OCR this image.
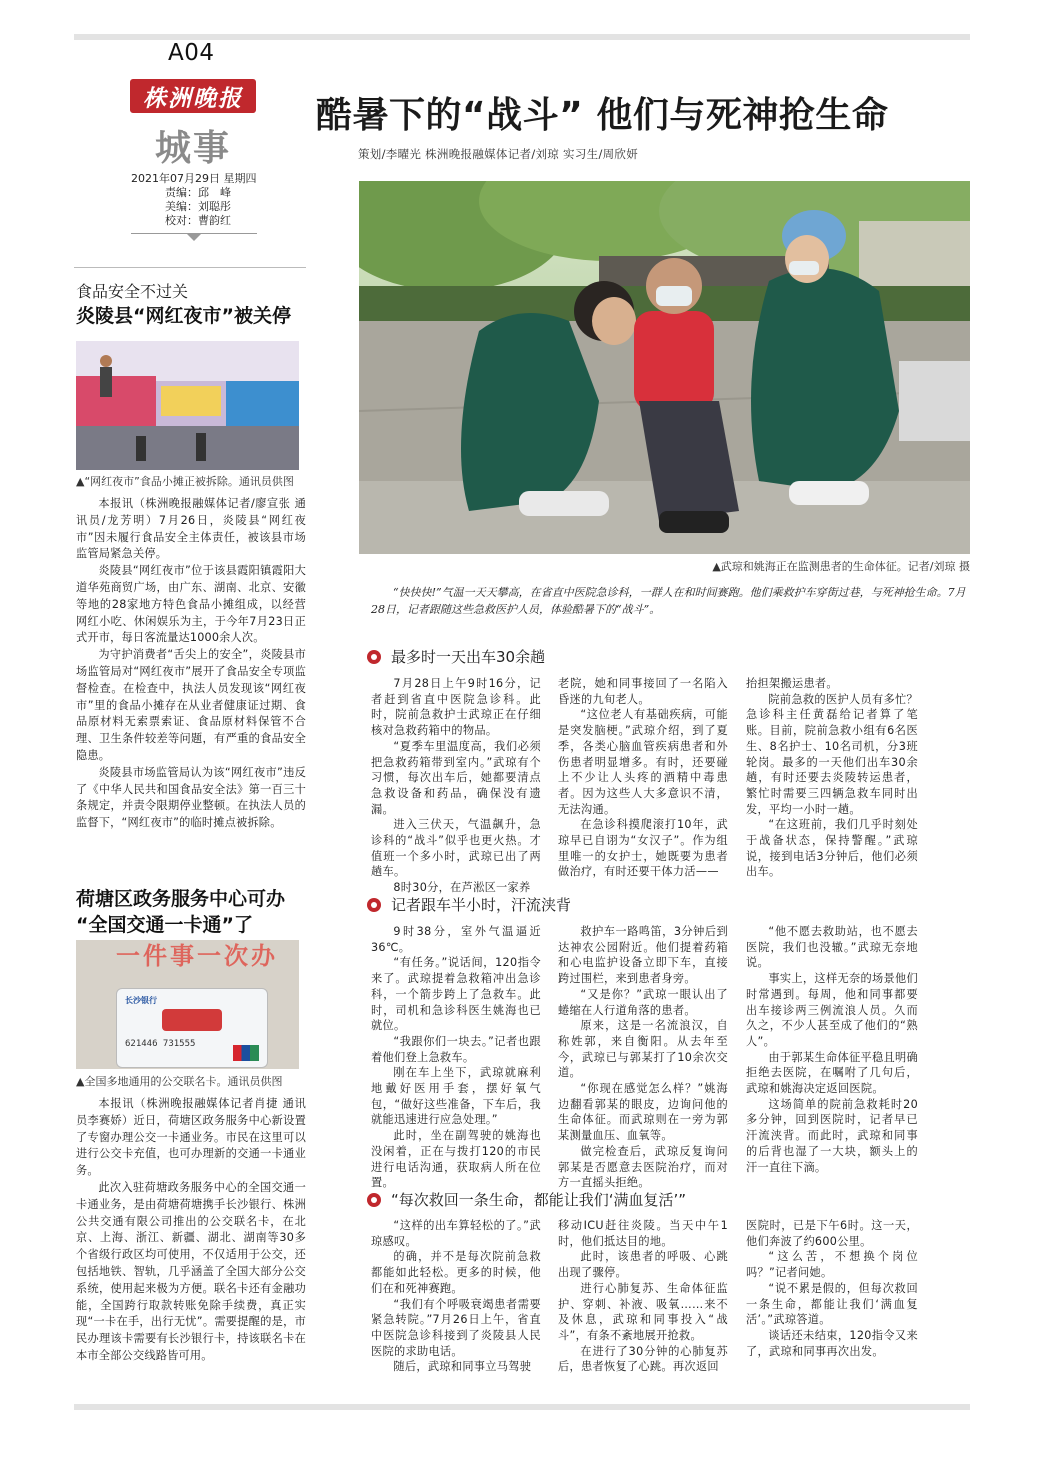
A04
株洲晚报
城事
2021年07月29日 星期四
责编：邱　峰
美编：刘聪彤
校对：曹韵红
酷暑下的“战斗” 他们与死神抢生命
策划/李曜光 株洲晚报融媒体记者/刘琼 实习生/周欣妍
▲武琼和姚海正在监测患者的生命体征。记者/刘琼 摄
“快快快!”气温一天天攀高，在省直中医院急诊科，一群人在和时间赛跑。他们乘救护车穿街过巷，与死神抢生命。7月28日，记者跟随这些急救医护人员，体验酷暑下的“战斗”。
最多时一天出车30余趟

7月28日上午9时16分，记者赶到省直中医院急诊科。此时，院前急救护士武琼正在仔细核对急救药箱中的物品。

“夏季车里温度高，我们必须把急救药箱带到室内。”武琼有个习惯，每次出车后，她都要清点急救设备和药品，确保没有遗漏。

进入三伏天，气温飙升，急诊科的“战斗”似乎也更火热。才值班一个多小时，武琼已出了两趟车。

8时30分，在芦淞区一家养

老院，她和同事接回了一名陷入昏迷的九旬老人。

“这位老人有基础疾病，可能是突发脑梗。”武琼介绍，到了夏季，各类心脑血管疾病患者和外伤患者明显增多。有时，还要碰上不少让人头疼的酒精中毒患者。因为这些人大多意识不清，无法沟通。

在急诊科摸爬滚打10年，武琼早已自诩为“女汉子”。作为组里唯一的女护士，她既要为患者做治疗，有时还要干体力活——

抬担架搬运患者。

院前急救的医护人员有多忙？急诊科主任黄磊给记者算了笔账。目前，院前急救小组有6名医生、8名护士、10名司机，分3班轮岗。最多的一天他们出车30余趟，有时还要去炎陵转运患者，繁忙时需要三四辆急救车同时出发，平均一小时一趟。

“在这班前，我们几乎时刻处于战备状态，保持警醒。”武琼说，接到电话3分钟后，他们必须出车。

记者跟车半小时，汗流浃背

9时38分，室外气温逼近36℃。

“有任务。”说话间，120指令来了。武琼提着急救箱冲出急诊科，一个箭步跨上了急救车。此时，司机和急诊科医生姚海也已就位。

“我跟你们一块去。”记者也跟着他们登上急救车。

刚在车上坐下，武琼就麻利地戴好医用手套，摆好氧气包，“做好这些准备，下车后，我就能迅速进行应急处理。”

此时，坐在副驾驶的姚海也没闲着，正在与拨打120的市民进行电话沟通，获取病人所在位置。

救护车一路鸣笛，3分钟后到达神农公园附近。他们提着药箱和心电监护设备立即下车，直接跨过围栏，来到患者身旁。

“又是你？”武琼一眼认出了蜷缩在人行道角落的患者。

原来，这是一名流浪汉，自称姓郭，来自衡阳。从去年至今，武琼已与郭某打了10余次交道。

“你现在感觉怎么样？”姚海边翻看郭某的眼皮，边询问他的生命体征。而武琼则在一旁为郭某测量血压、血氧等。

做完检查后，武琼反复询问郭某是否愿意去医院治疗，而对方一直摇头拒绝。

“他不愿去救助站，也不愿去医院，我们也没辙。”武琼无奈地说。

事实上，这样无奈的场景他们时常遇到。每周，他和同事都要出车接诊两三例流浪人员。久而久之，不少人甚至成了他们的“熟人”。

由于郭某生命体征平稳且明确拒绝去医院，在嘱咐了几句后，武琼和姚海决定返回医院。

这场简单的院前急救耗时20多分钟，回到医院时，记者早已汗流浃背。而此时，武琼和同事的后背也湿了一大块，额头上的汗一直往下滴。

“每次救回一条生命，都能让我们‘满血复活’”

“这样的出车算轻松的了。”武琼感叹。

的确，并不是每次院前急救都能如此轻松。更多的时候，他们在和死神赛跑。

“我们有个呼吸衰竭患者需要紧急转院。”7月26日上午，省直中医院急诊科接到了炎陵县人民医院的求助电话。

随后，武琼和同事立马驾驶

移动ICU赶往炎陵。当天中午1时，他们抵达目的地。

此时，该患者的呼吸、心跳出现了骤停。

进行心肺复苏、生命体征监护、穿刺、补液、吸氧……来不及休息，武琼和同事投入“战斗”，有条不紊地展开抢救。

在进行了30分钟的心肺复苏后，患者恢复了心跳。再次返回

医院时，已是下午6时。这一天，他们奔波了约600公里。

“这么苦，不想换个岗位吗？”记者问她。

“说不累是假的，但每次救回一条生命，都能让我们‘满血复活’。”武琼答道。

谈话还未结束，120指令又来了，武琼和同事再次出发。

食品安全不过关
炎陵县“网红夜市”被关停
▲“网红夜市”食品小摊正被拆除。通讯员供图

本报讯（株洲晚报融媒体记者/廖宣张 通讯员/龙芳明）7月26日，炎陵县“网红夜市”因未履行食品安全主体责任，被该县市场监管局紧急关停。

炎陵县“网红夜市”位于该县霞阳镇霞阳大道华苑商贸广场，由广东、湖南、北京、安徽等地的28家地方特色食品小摊组成，以经营网红小吃、休闲娱乐为主，于今年7月23日正式开市，每日客流量达1000余人次。

为守护消费者“舌尖上的安全”，炎陵县市场监管局对“网红夜市”展开了食品安全专项监督检查。在检查中，执法人员发现该“网红夜市”里的食品小摊存在从业者健康证过期、食品原材料无索票索证、食品原材料保管不合理、卫生条件较差等问题，有严重的食品安全隐患。

炎陵县市场监管局认为该“网红夜市”违反了《中华人民共和国食品安全法》第一百三十条规定，并责令限期停业整顿。在执法人员的监督下，“网红夜市”的临时摊点被拆除。

荷塘区政务服务中心可办
“全国交通一卡通”了
一件事一次办
长沙银行
621446 731555
▲全国多地通用的公交联名卡。通讯员供图

本报讯（株洲晚报融媒体记者肖捷 通讯员李赛娇）近日，荷塘区政务服务中心新设置了专窗办理公交一卡通业务。市民在这里可以进行公交卡充值，也可办理新的交通一卡通业务。

此次入驻荷塘政务服务中心的全国交通一卡通业务，是由荷塘荷塘携手长沙银行、株洲公共交通有限公司推出的公交联名卡，在北京、上海、浙江、新疆、湖北、湖南等30多个省级行政区均可使用，不仅适用于公交，还包括地铁、智轨，几乎涵盖了全国大部分公交系统，使用起来极为方便。联名卡还有金融功能，全国跨行取款转账免除手续费，真正实现“一卡在手，出行无忧”。需要提醒的是，市民办理该卡需要有长沙银行卡，持该联名卡在本市全部公交线路皆可用。
